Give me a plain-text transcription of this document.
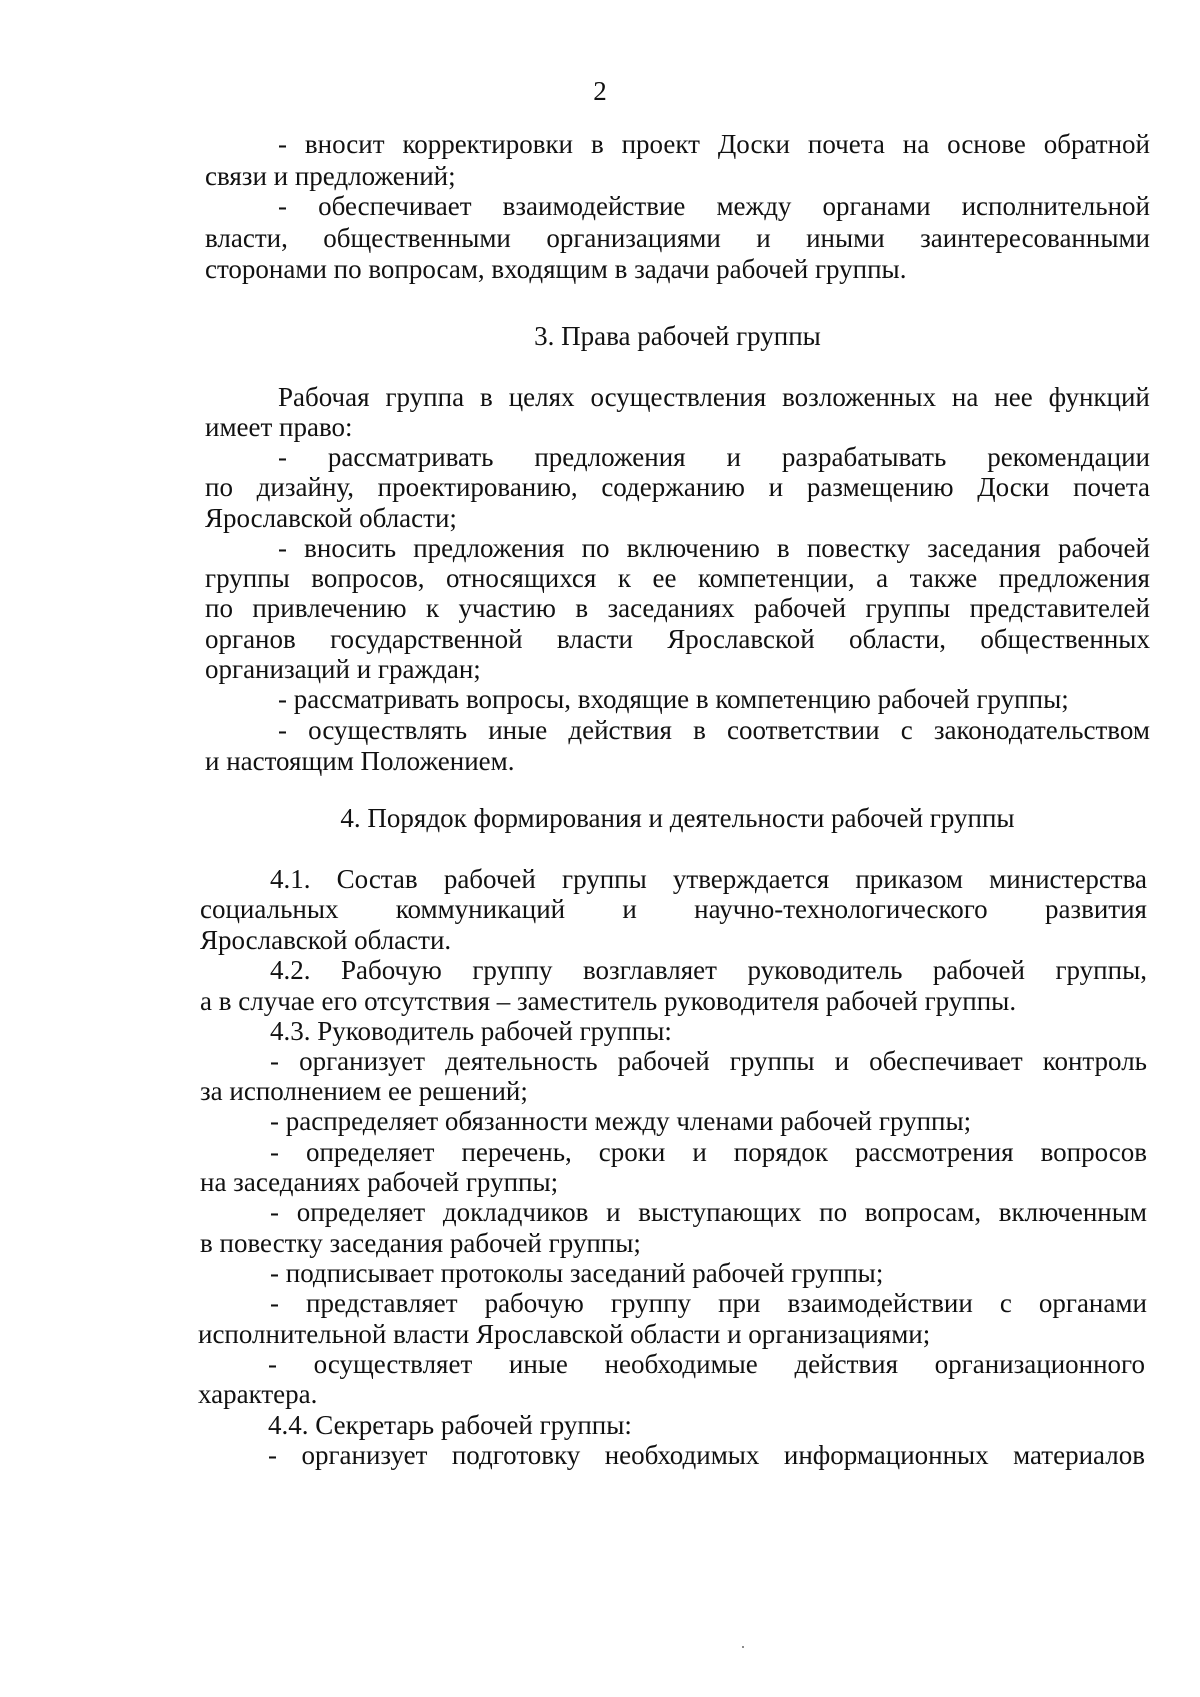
2
- вносит корректировки в проект Доски почета на основе обратной
связи и предложений;
- обеспечивает взаимодействие между органами исполнительной
власти, общественными организациями и иными заинтересованными
сторонами по вопросам, входящим в задачи рабочей группы.
3. Права рабочей группы
Рабочая группа в целях осуществления возложенных на нее функций
имеет право:
- рассматривать предложения и разрабатывать рекомендации
по дизайну, проектированию, содержанию и размещению Доски почета
Ярославской области;
- вносить предложения по включению в повестку заседания рабочей
группы вопросов, относящихся к ее компетенции, а также предложения
по привлечению к участию в заседаниях рабочей группы представителей
органов государственной власти Ярославской области, общественных
организаций и граждан;
- рассматривать вопросы, входящие в компетенцию рабочей группы;
- осуществлять иные действия в соответствии с законодательством
и настоящим Положением.
4. Порядок формирования и деятельности рабочей группы
4.1. Состав рабочей группы утверждается приказом министерства
социальных коммуникаций и научно-технологического развития
Ярославской области.
4.2. Рабочую группу возглавляет руководитель рабочей группы,
а в случае его отсутствия – заместитель руководителя рабочей группы.
4.3. Руководитель рабочей группы:
- организует деятельность рабочей группы и обеспечивает контроль
за исполнением ее решений;
- распределяет обязанности между членами рабочей группы;
- определяет перечень, сроки и порядок рассмотрения вопросов
на заседаниях рабочей группы;
- определяет докладчиков и выступающих по вопросам, включенным
в повестку заседания рабочей группы;
- подписывает протоколы заседаний рабочей группы;
- представляет рабочую группу при взаимодействии с органами
исполнительной власти Ярославской области и организациями;
- осуществляет иные необходимые действия организационного
характера.
4.4. Секретарь рабочей группы:
- организует подготовку необходимых информационных материалов
